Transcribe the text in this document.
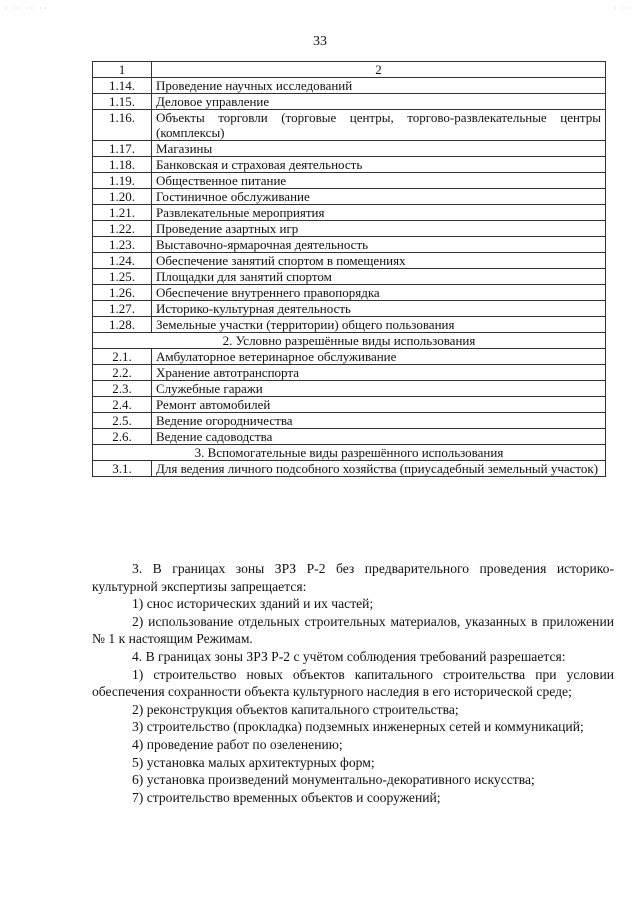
· ·· ·· ··	· ··
33
1	2
1.14.	Проведение научных исследований
1.15.	Деловое управление
1.16.	Объекты торговли (торговые центры, торгово-развлекательные центры (комплексы)
1.17.	Магазины
1.18.	Банковская и страховая деятельность
1.19.	Общественное питание
1.20.	Гостиничное обслуживание
1.21.	Развлекательные мероприятия
1.22.	Проведение азартных игр
1.23.	Выставочно-ярмарочная деятельность
1.24.	Обеспечение занятий спортом в помещениях
1.25.	Площадки для занятий спортом
1.26.	Обеспечение внутреннего правопорядка
1.27.	Историко-культурная деятельность
1.28.	Земельные участки (территории) общего пользования
2. Условно разрешённые виды использования	
2.1.	Амбулаторное ветеринарное обслуживание
2.2.	Хранение автотранспорта
2.3.	Служебные гаражи
2.4.	Ремонт автомобилей
2.5.	Ведение огородничества
2.6.	Ведение садоводства
3. Вспомогательные виды разрешённого использования	
3.1.	Для ведения личного подсобного хозяйства (приусадебный земельный участок)

3. В границах зоны ЗРЗ Р-2 без предварительного проведения историко-культурной экспертизы запрещается:

1) снос исторических зданий и их частей;

2) использование отдельных строительных материалов, указанных в приложении № 1 к настоящим Режимам.

4. В границах зоны ЗРЗ Р-2 с учётом соблюдения требований разрешается:

1) строительство новых объектов капитального строительства при условии обеспечения сохранности объекта культурного наследия в его исторической среде;

2) реконструкция объектов капитального строительства;

3) строительство (прокладка) подземных инженерных сетей и коммуникаций;

4) проведение работ по озеленению;

5) установка малых архитектурных форм;

6) установка произведений монументально-декоративного искусства;

7) строительство временных объектов и сооружений;
